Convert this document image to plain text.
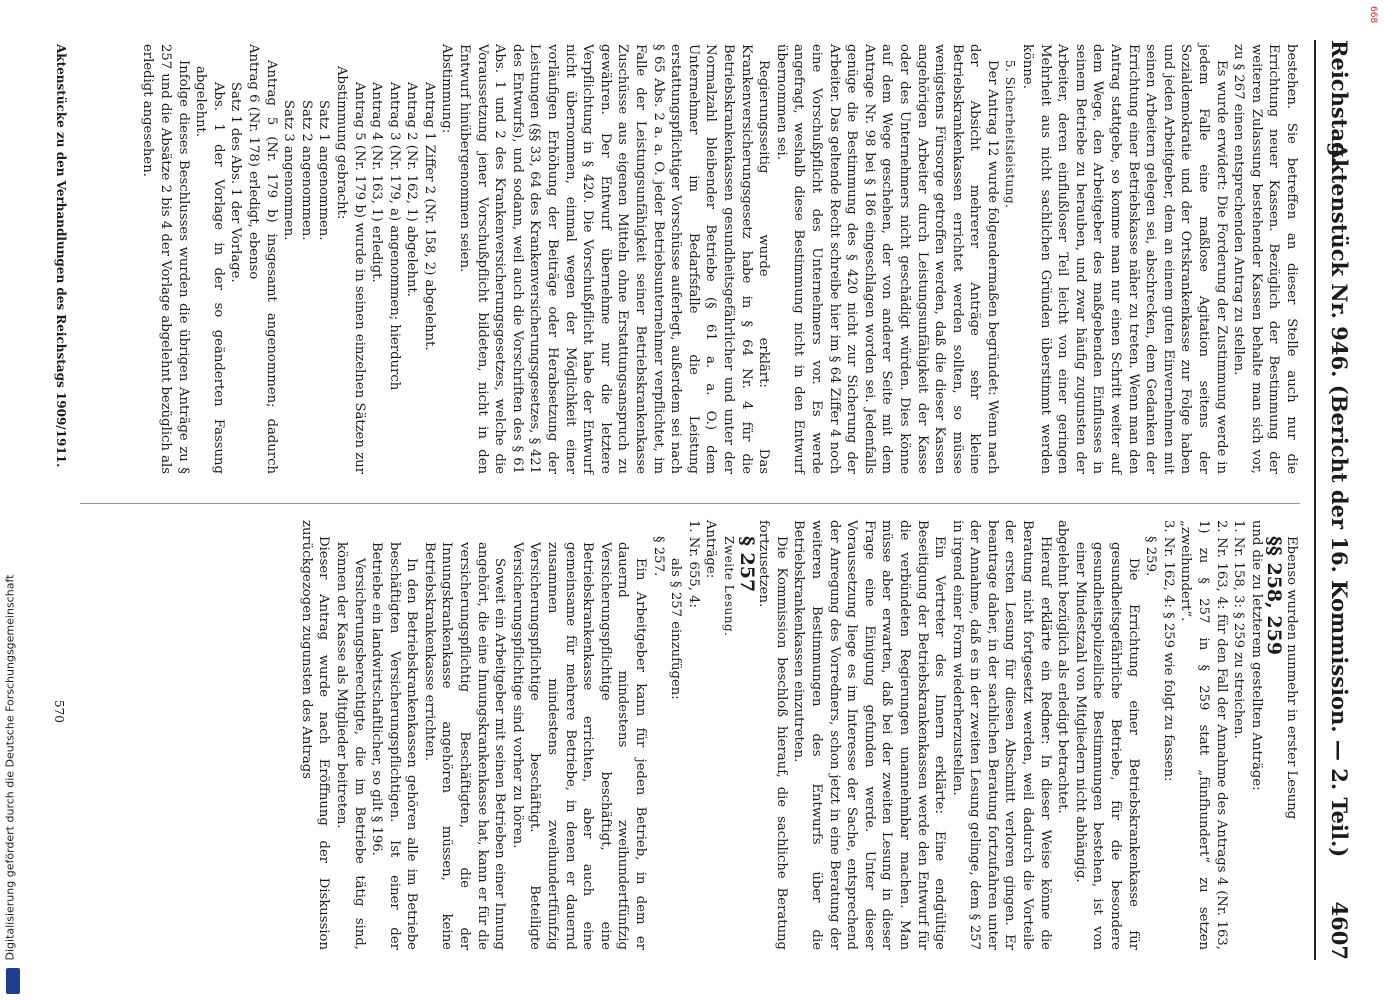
Reichstag.
Aktenstück Nr. 946. (Bericht der 16. Kommission. — 2. Teil.)
4607

bestehen. Sie betreffen an dieser Stelle auch nur die Errichtung neuer Kassen. Bezüglich der Bestimmung der weiteren Zulassung bestehender Kassen behalte man sich vor, zu § 267 einen entsprechenden Antrag zu stellen.

Es wurde erwidert: Die Forderung der Zustimmung werde in jedem Falle eine maßlose Agitation seitens der Sozialdemokratie und der Ortskrankenkasse zur Folge haben und jeden Arbeitgeber, dem an einem guten Einvernehmen mit seinen Arbeitern gelegen sei, abschrecken, dem Gedanken der Errichtung einer Betriebskasse näher zu treten. Wenn man den Antrag stattgebe, so komme man nur einen Schritt weiter auf dem Wege, den Arbeitgeber des maßgebenden Einflusses in seinem Betriebe zu berauben, und zwar häufig zugunsten der Arbeiter, deren einflußloser Teil leicht von einer geringen Mehrheit aus nicht sachlichen Gründen überstimmt werden könne.

5. Sicherheitsleistung.

Der Antrag 12 wurde folgendermaßen begründet: Wenn nach der Absicht mehrerer Anträge sehr kleine Betriebskrankenkassen errichtet werden sollten, so müsse wenigstens Fürsorge getroffen werden, daß die dieser Kassen angehörigen Arbeiter durch Leistungsunfähigkeit der Kasse oder des Unternehmers nicht geschädigt würden. Dies könne auf dem Wege geschehen, der von anderer Seite mit dem Antrage Nr. 98 bei § 186 eingeschlagen worden sei. Jedenfalls genüge die Bestimmung des § 420 nicht zur Sicherung der Arbeiter. Das geltende Recht schreibe hier im § 64 Ziffer 4 noch eine Vorschußpflicht des Unternehmers vor. Es werde angefragt, weshalb diese Bestimmung nicht in den Entwurf übernommen sei.

Regierungsseitig wurde erklärt: Das Krankenversicherungsgesetz habe in § 64 Nr. 4 für die Betriebskrankenkassen gesundheitsgefährlicher und unter der Normalzahl bleibender Betriebe (§ 61 a. a. O.) dem Unternehmer im Bedarfsfalle die Leistung erstattungspflichtiger Vorschüsse auferlegt, außerdem sei nach § 65 Abs. 2 a. a. O. jeder Betriebsunternehmer verpflichtet, im Falle der Leistungsunfähigkeit seiner Betriebskrankenkasse Zuschüsse aus eigenen Mitteln ohne Erstattungsanspruch zu gewähren. Der Entwurf übernehme nur die letztere Verpflichtung in § 420. Die Vorschußpflicht habe der Entwurf nicht übernommen, einmal wegen der Möglichkeit einer vorläufigen Erhöhung der Beiträge oder Herabsetzung der Leistungen (§§ 33, 64 des Krankenversicherungsgesetzes, § 421 des Entwurfs), und sodann, weil auch die Vorschriften des § 61 Abs. 1 und 2 des Krankenversicherungsgesetzes, welche die Voraussetzung jener Vorschußpflicht bildeten, nicht in den Entwurf hinübergenommen seien.

Abstimmung:

Antrag 1 Ziffer 2 (Nr. 158, 2) abgelehnt.

Antrag 2 (Nr. 162, 1) abgelehnt.

Antrag 3 (Nr. 179, a) angenommen; hierdurch

Antrag 4 (Nr. 163, 1) erledigt.

Antrag 5 (Nr. 179 b) wurde in seinen einzelnen Sätzen zur Abstimmung gebracht:

Satz 1 angenommen.

Satz 2 angenommen.

Satz 3 angenommen.

Antrag 5 (Nr. 179 b) insgesamt angenommen; dadurch Antrag 6 (Nr. 178) erledigt, ebenso

Satz 1 des Abs. 1 der Vorlage.

Abs. 1 der Vorlage in der so geänderten Fassung abgelehnt.

Infolge dieses Beschlusses wurden die übrigen Anträge zu § 257 und die Absätze 2 bis 4 der Vorlage abgelehnt bezüglich als erledigt angesehen.

Ebenso wurden nunmehr in erster Lesung

§§ 258, 259

und die zu letzterem gestellten Anträge:

1. Nr. 158, 3: § 259 zu streichen.

2. Nr. 163, 4: für den Fall der Annahme des Antrags 4 (Nr. 163, 1) zu § 257 in § 259 statt „fünfhundert“ zu setzen „zweihundert“.

3. Nr. 162, 4: § 259 wie folgt zu fassen:

§ 259.

Die Errichtung einer Betriebskrankenkasse für gesundheitsgefährliche Betriebe, für die besondere gesundheitspolizeiliche Bestimmungen bestehen, ist von einer Mindestzahl von Mitgliedern nicht abhängig.

abgelehnt bezüglich als erledigt betrachtet.

Hierauf erklärte ein Redner: In dieser Weise könne die Beratung nicht fortgesetzt werden, weil dadurch die Vorteile der ersten Lesung für diesen Abschnitt verloren gingen. Er beantrage daher, in der sachlichen Beratung fortzufahren unter der Annahme, daß es in der zweiten Lesung gelinge, dem § 257 in irgend einer Form wiederherzustellen.

Ein Vertreter des Innern erklärte: Eine endgültige Beseitigung der Betriebskrankenkassen werde den Entwurf für die verbündeten Regierungen unannehmbar machen. Man müsse aber erwarten, daß bei der zweiten Lesung in dieser Frage eine Einigung gefunden werde. Unter dieser Voraussetzung liege es im Interesse der Sache, entsprechend der Anregung des Vorredners, schon jetzt in eine Beratung der weiteren Bestimmungen des Entwurfs über die Betriebskrankenkassen einzutreten.

Die Kommission beschloß hierauf, die sachliche Beratung fortzusetzen.

§ 257

Zweite Lesung.

Anträge:

1. Nr. 655, 4:

als § 257 einzufügen:

§ 257.

Ein Arbeitgeber kann für jeden Betrieb, in dem er dauernd mindestens zweihundertfünfzig Versicherungspflichtige beschäftigt, eine Betriebskrankenkasse errichten, aber auch eine gemeinsame für mehrere Betriebe, in denen er dauernd zusammen mindestens zweihundertfünfzig Versicherungspflichtige beschäftigt. Beteiligte Versicherungspflichtige sind vorher zu hören.

Soweit ein Arbeitgeber mit seinen Betrieben einer Innung angehört, die eine Innungskrankenkasse hat, kann er für die versicherungspflichtig Beschäftigten, die der Innungskrankenkasse angehören müssen, keine Betriebskrankenkasse errichten.

In den Betriebskrankenkassen gehören alle im Betriebe beschäftigten Versicherungspflichtigen. Ist einer der Betriebe ein landwirtschaftlicher, so gilt § 196.

Versicherungsberechtigte, die im Betriebe tätig sind, können der Kasse als Mitglieder beitreten.

Dieser Antrag wurde nach Eröffnung der Diskussion zurückgezogen zugunsten des Antrags

Aktenstücke zu den Verhandlungen des Reichstags 1909/1911.
570
Digitalisierung gefördert durch die Deutsche Forschungsgemeinschaft
668
